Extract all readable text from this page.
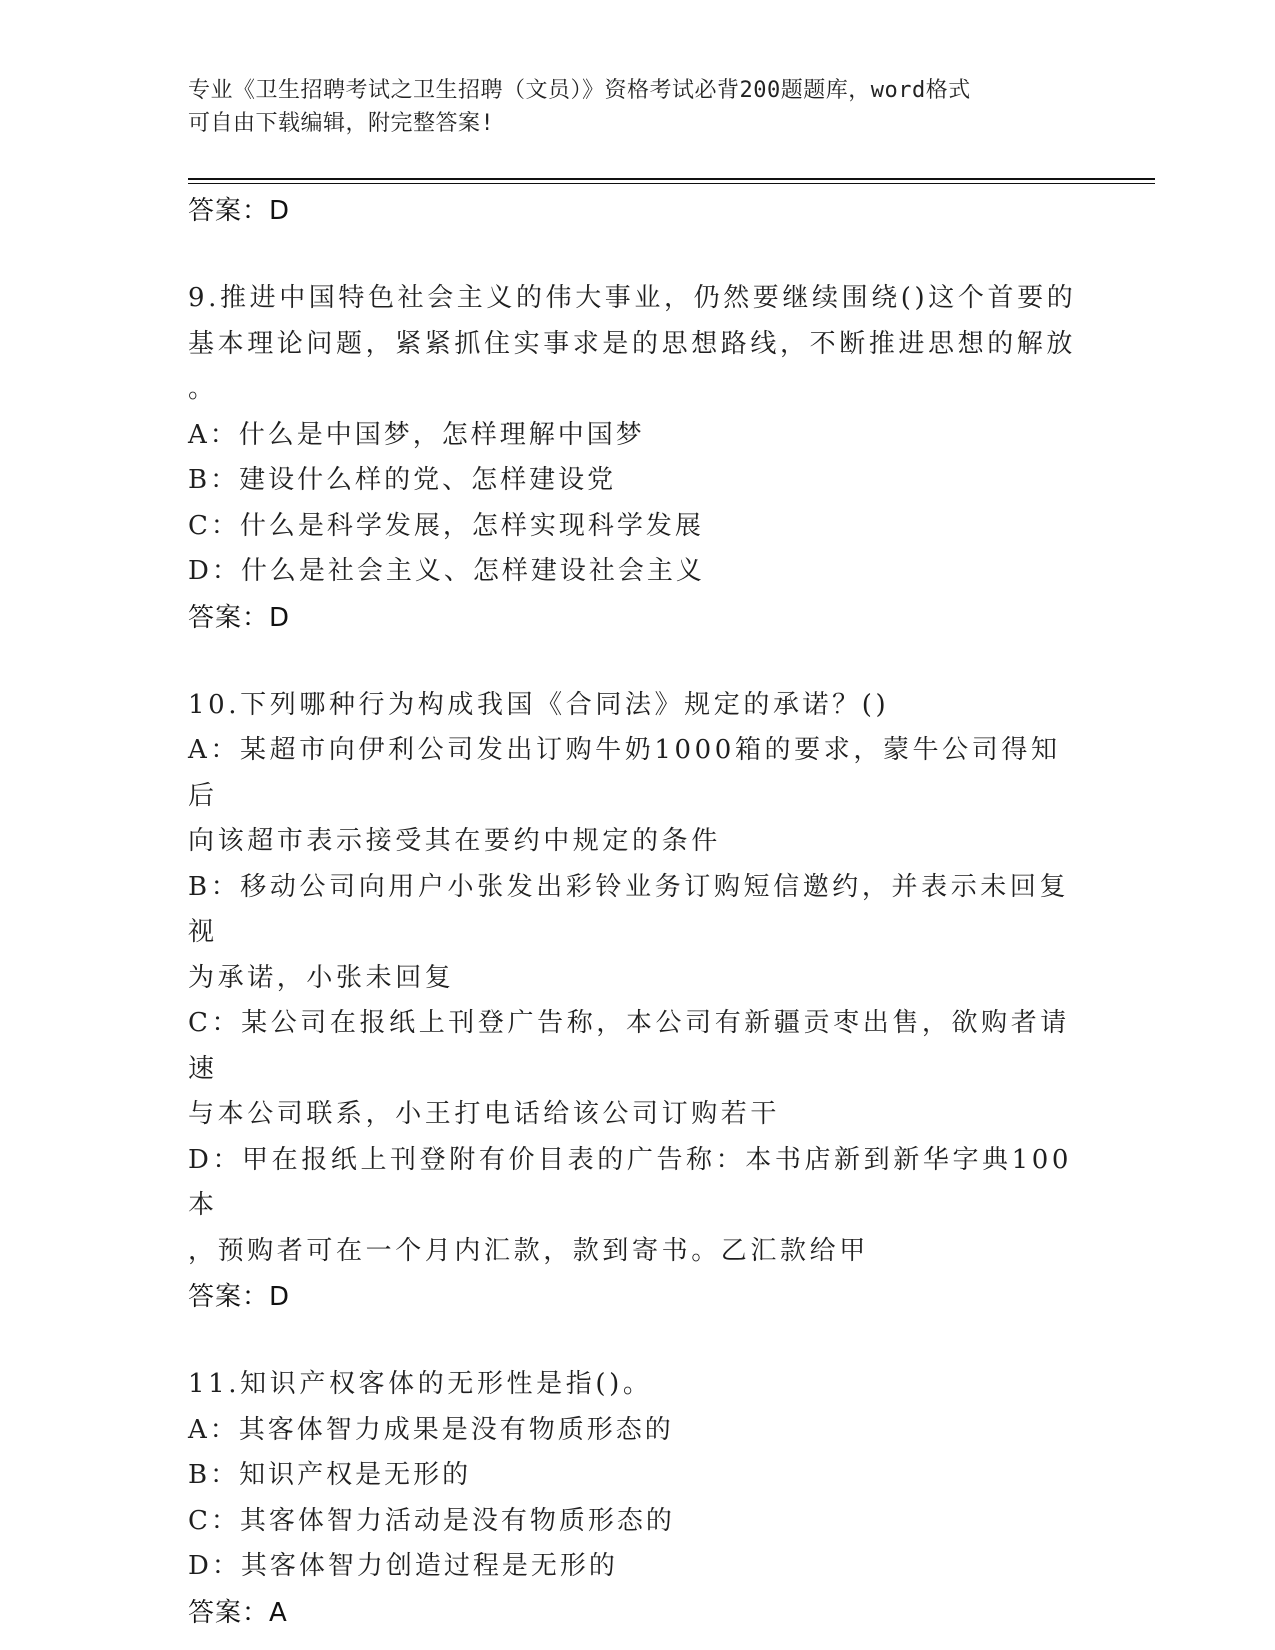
专业《卫生招聘考试之卫生招聘（文员）》资格考试必背200题题库，word格式
可自由下载编辑，附完整答案!
答案：D
9.推进中国特色社会主义的伟大事业，仍然要继续围绕()这个首要的
基本理论问题，紧紧抓住实事求是的思想路线，不断推进思想的解放
。
A：什么是中国梦，怎样理解中国梦
B：建设什么样的党、怎样建设党
C：什么是科学发展，怎样实现科学发展
D：什么是社会主义、怎样建设社会主义
答案：D
10.下列哪种行为构成我国《合同法》规定的承诺？()
A：某超市向伊利公司发出订购牛奶1000箱的要求，蒙牛公司得知后
向该超市表示接受其在要约中规定的条件
B：移动公司向用户小张发出彩铃业务订购短信邀约，并表示未回复视
为承诺，小张未回复
C：某公司在报纸上刊登广告称，本公司有新疆贡枣出售，欲购者请速
与本公司联系，小王打电话给该公司订购若干
D：甲在报纸上刊登附有价目表的广告称：本书店新到新华字典100本
，预购者可在一个月内汇款，款到寄书。乙汇款给甲
答案：D
11.知识产权客体的无形性是指()。
A：其客体智力成果是没有物质形态的
B：知识产权是无形的
C：其客体智力活动是没有物质形态的
D：其客体智力创造过程是无形的
答案：A
